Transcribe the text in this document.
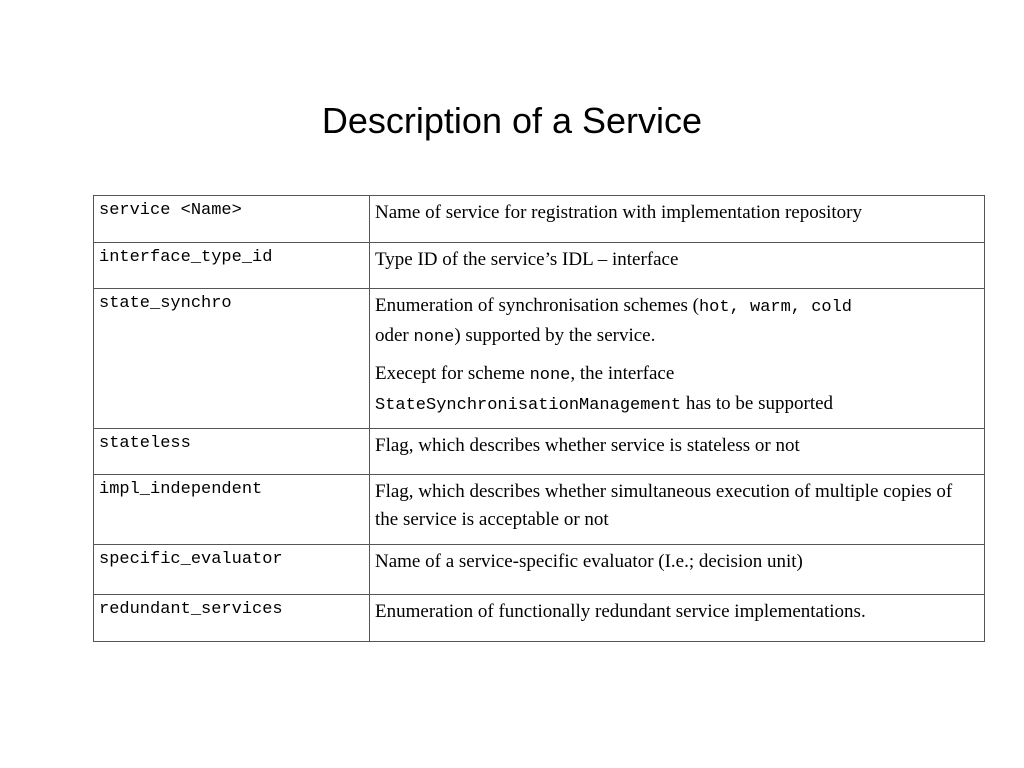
Description of a Service
service <Name>	Name of service for registration with implementation repository
interface_type_id	Type ID of the service’s IDL – interface
state_synchro	Enumeration of synchronisation schemes (hot, warm, cold
oder none) supported by the service.

Execept for scheme none, the interface
StateSynchronisationManagement has to be supported

stateless	Flag, which describes whether service is stateless or not
impl_independent	Flag, which describes whether simultaneous execution of multiple copies of the service is acceptable or not
specific_evaluator	Name of a service-specific evaluator (I.e.; decision unit)
redundant_services	Enumeration of functionally redundant service implementations.
